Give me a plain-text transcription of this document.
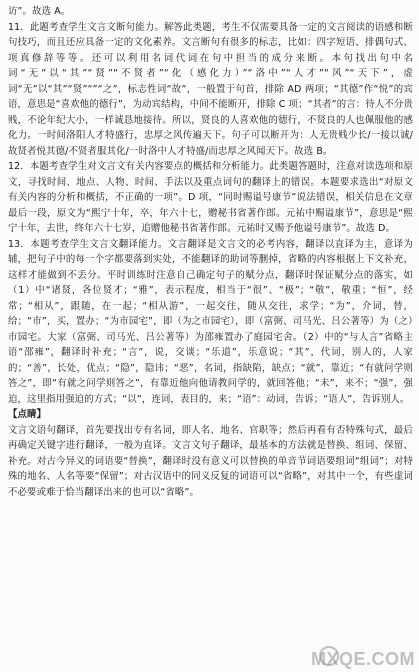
访”。故选 A。

11．此题考查学生文言文断句能力。解答此类题，考生不仅需要具备一定的文言阅读的语感和断句技巧，而且还应具备一定的文化素养。文言断句有很多的标志，比如：四字短语、排偶句式、项真修辞等等。还可以利用名词代词在句中担当的成分来断。本句找出句中名词“无”以“其”“贤”“不贤者”“化（感化力）”“洛中”“人才”“风”“天下”，虚词“无”以“其”“贤”“”“之”，标志性词“故”，一般置于句首，排除 AD 两项；“其德”作“悦”的宾语，意思是“喜欢他的德行”，为动宾结构，中间不能断开，排除 C 项；“其者”的言：待人不分贵贱，不论年纪大小，一样诚恳地接待。所以，贤良的人喜欢他的德行，不贤良的人也佩服他的感化力。一时间洛阳人才特盛行，忠厚之风传遍天下。句子可以断开为：人无贵贱少长/一接以诚/故贤者悦其德/不贤者服其化/一时洛中人才特盛/而忠厚之风闻天下。故选 B。

12．本题考查学生对文言文有关内容要点的概括和分析能力。此类题答题时，注意对读选项和原文，寻找时间、地点、人物、时间、手法以及重点词句的翻译上的错误。本题要求选出“对原文有关内容的分析和概括，不正确的一项”。D 项，“同时赐谥号康节”说法错误，相关信息在文章最后一段，原文为“熙宁十年，卒，年六十七，赠秘书省著作郎。元祐中赐谥康节”，意思是“熙宁十年，去世，终年六十七岁，追赠他秘书省著作郎。元祐时又赐予他谥号康节”。故选 D。

13．本题考查学生文言文翻译能力。文言翻译是文言文的必考内容，翻译以直译为主，意译为辅，把句子中的每一个字都要落到实处，不能翻译的助词等删掉，省略的内容根据上下文补充，这样才能做到不丢分。平时训练时注意自己确定句子的赋分点，翻译时保证赋分点的落实，如（1）中“诸贤，各位贤才；“雅”，表示程度，相当于“很”、“极”；“敬”，敬重；“恒”，经常；“相从”，跟随，在一起；“相从游”，一起交往，随从交往，求学；“为”，介词，替，给；“市”，买，置办；“为市园宅”，即（为之市园宅），即（富弼、司马光、吕公著等）为（之）市园宅。大家（富弼、司马光、吕公著等）为邵雍置办了庭园宅舍。（2）中的“与人言”省略主语“邵雍”，翻译时补充；“言”，说，交谈；“乐道”，乐意说；“其”，代词，别人的，人家的；“善”，长处，优点；“隐”，隐讳；“恶”，名词，指缺陷，缺点；“就”，靠近；“有就问学则答之”，即“有就之问学则答之”，有靠近他向他请教问学的，就回答他；“未”，来不；“强”，强迫，这里指用强迫的方式；“以”，连词，表目的，来；“语”：动词，告诉；“语人”，告诉别人。

【点睛】

文言文语句翻译，首先要找出专有名词，即人名、地名、官职等；然后再看有否特殊句式，最后再确定关键字进行翻译，一般为直译。文言文句子翻译，最基本的方法就是替换、组词、保留、补充。对古今异义的词语要“替换”，翻译时没有意义可以替换的单音节词语要组词“组词”；对特殊的地名、人名等要“保留”；对古汉语中的同义反复的词语可以“省略”，对其中一个，有些虚词不必要或难于恰当翻译出来的也可以“省略”。

MXQE.COM
